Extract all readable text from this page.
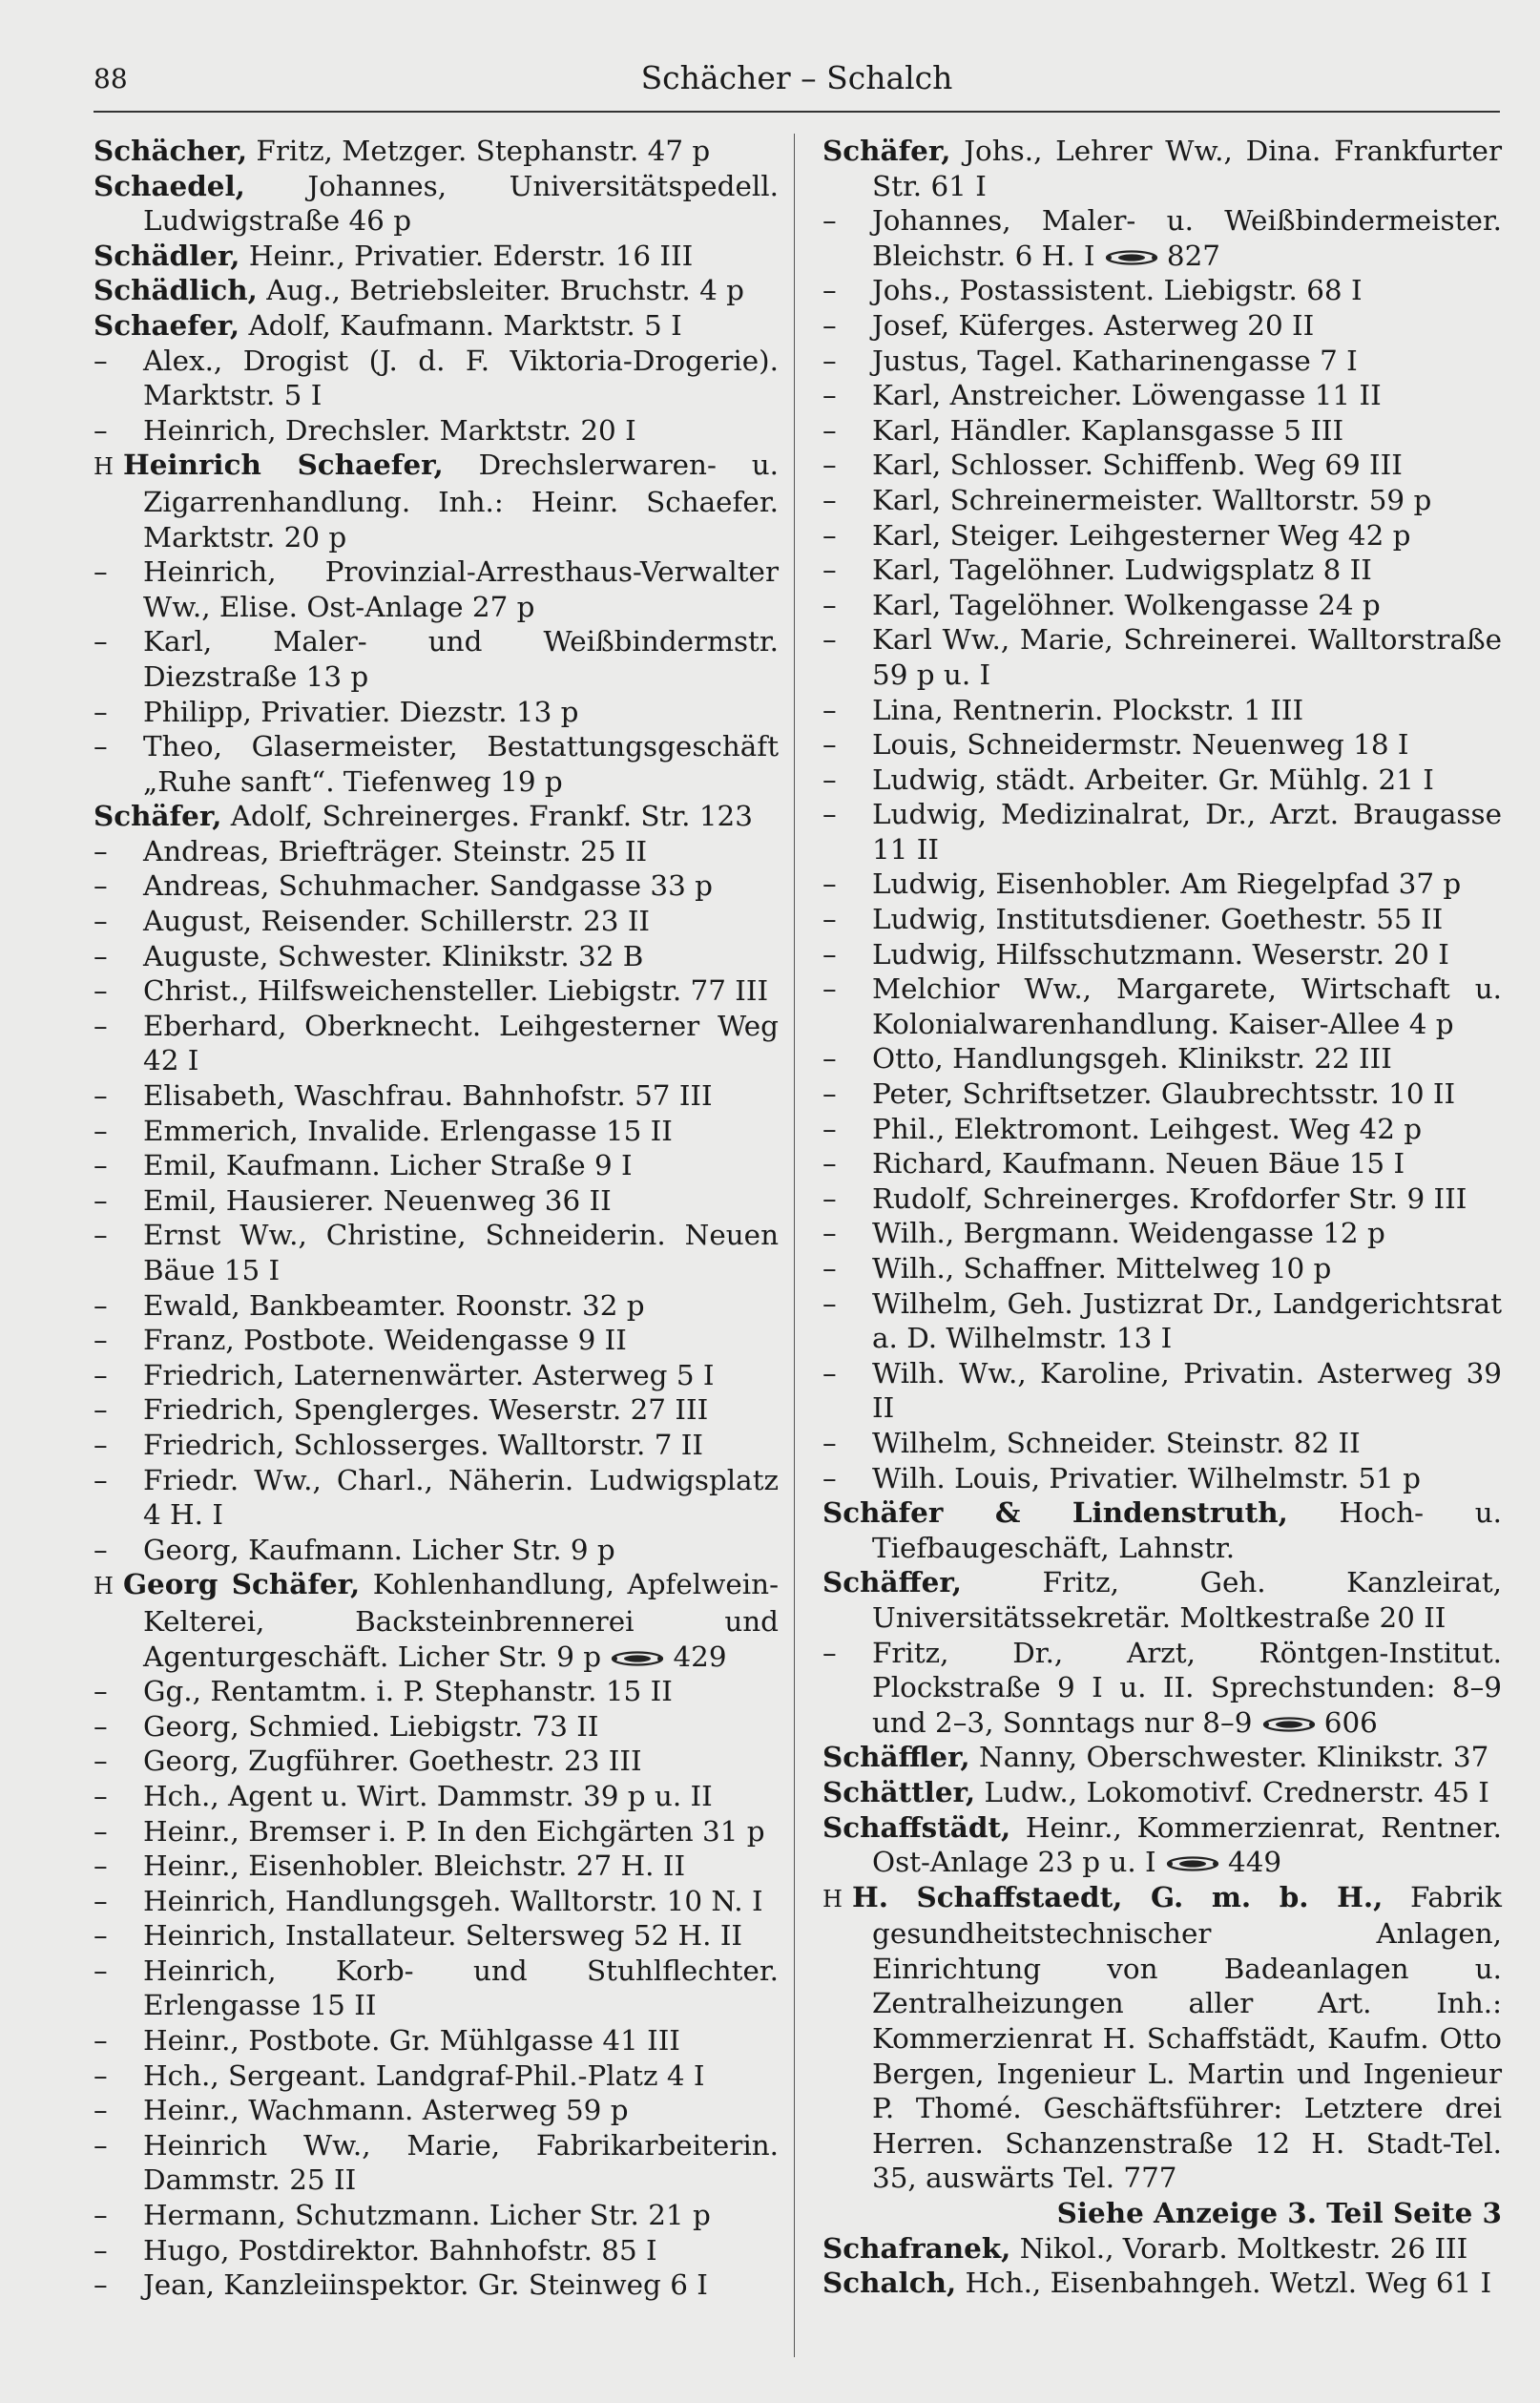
88	Schächer – Schalch
Schächer, Fritz, Metzger. Stephanstr. 47 p
Schaedel, Johannes, Universitätspedell. Ludwigstraße 46 p
Schädler, Heinr., Privatier. Ederstr. 16 III
Schädlich, Aug., Betriebsleiter. Bruchstr. 4 p
Schaefer, Adolf, Kaufmann. Marktstr. 5 I
– Alex., Drogist (J. d. F. Viktoria-Drogerie). Marktstr. 5 I
– Heinrich, Drechsler. Marktstr. 20 I
H Heinrich Schaefer, Drechslerwaren- u. Zigarrenhandlung. Inh.: Heinr. Schaefer. Marktstr. 20 p
– Heinrich, Provinzial-Arresthaus-Verwalter Ww., Elise. Ost-Anlage 27 p
– Karl, Maler- und Weißbindermstr. Diezstraße 13 p
– Philipp, Privatier. Diezstr. 13 p
– Theo, Glasermeister, Bestattungsgeschäft „Ruhe sanft“. Tiefenweg 19 p
Schäfer, Adolf, Schreinerges. Frankf. Str. 123
– Andreas, Briefträger. Steinstr. 25 II
– Andreas, Schuhmacher. Sandgasse 33 p
– August, Reisender. Schillerstr. 23 II
– Auguste, Schwester. Klinikstr. 32 B
– Christ., Hilfsweichensteller. Liebigstr. 77 III
– Eberhard, Oberknecht. Leihgesterner Weg 42 I
– Elisabeth, Waschfrau. Bahnhofstr. 57 III
– Emmerich, Invalide. Erlengasse 15 II
– Emil, Kaufmann. Licher Straße 9 I
– Emil, Hausierer. Neuenweg 36 II
– Ernst Ww., Christine, Schneiderin. Neuen Bäue 15 I
– Ewald, Bankbeamter. Roonstr. 32 p
– Franz, Postbote. Weidengasse 9 II
– Friedrich, Laternenwärter. Asterweg 5 I
– Friedrich, Spenglerges. Weserstr. 27 III
– Friedrich, Schlosserges. Walltorstr. 7 II
– Friedr. Ww., Charl., Näherin. Ludwigsplatz 4 H. I
– Georg, Kaufmann. Licher Str. 9 p
H Georg Schäfer, Kohlenhandlung, Apfelwein-Kelterei, Backsteinbrennerei und Agenturgeschäft. Licher Str. 9 p	429
– Gg., Rentamtm. i. P. Stephanstr. 15 II
– Georg, Schmied. Liebigstr. 73 II
– Georg, Zugführer. Goethestr. 23 III
– Hch., Agent u. Wirt. Dammstr. 39 p u. II
– Heinr., Bremser i. P. In den Eichgärten 31 p
– Heinr., Eisenhobler. Bleichstr. 27 H. II
– Heinrich, Handlungsgeh. Walltorstr. 10 N. I
– Heinrich, Installateur. Seltersweg 52 H. II
– Heinrich, Korb- und Stuhlflechter. Erlengasse 15 II
– Heinr., Postbote. Gr. Mühlgasse 41 III
– Hch., Sergeant. Landgraf-Phil.-Platz 4 I
– Heinr., Wachmann. Asterweg 59 p
– Heinrich Ww., Marie, Fabrikarbeiterin. Dammstr. 25 II
– Hermann, Schutzmann. Licher Str. 21 p
– Hugo, Postdirektor. Bahnhofstr. 85 I
– Jean, Kanzleiinspektor. Gr. Steinweg 6 I
Schäfer, Johs., Lehrer Ww., Dina. Frankfurter Str. 61 I
– Johannes, Maler- u. Weißbindermeister. Bleichstr. 6 H. I	827
– Johs., Postassistent. Liebigstr. 68 I
– Josef, Küferges. Asterweg 20 II
– Justus, Tagel. Katharinengasse 7 I
– Karl, Anstreicher. Löwengasse 11 II
– Karl, Händler. Kaplansgasse 5 III
– Karl, Schlosser. Schiffenb. Weg 69 III
– Karl, Schreinermeister. Walltorstr. 59 p
– Karl, Steiger. Leihgesterner Weg 42 p
– Karl, Tagelöhner. Ludwigsplatz 8 II
– Karl, Tagelöhner. Wolkengasse 24 p
– Karl Ww., Marie, Schreinerei. Walltorstraße 59 p u. I
– Lina, Rentnerin. Plockstr. 1 III
– Louis, Schneidermstr. Neuenweg 18 I
– Ludwig, städt. Arbeiter. Gr. Mühlg. 21 I
– Ludwig, Medizinalrat, Dr., Arzt. Braugasse 11 II
– Ludwig, Eisenhobler. Am Riegelpfad 37 p
– Ludwig, Institutsdiener. Goethestr. 55 II
– Ludwig, Hilfsschutzmann. Weserstr. 20 I
– Melchior Ww., Margarete, Wirtschaft u. Kolonialwarenhandlung. Kaiser-Allee 4 p
– Otto, Handlungsgeh. Klinikstr. 22 III
– Peter, Schriftsetzer. Glaubrechtsstr. 10 II
– Phil., Elektromont. Leihgest. Weg 42 p
– Richard, Kaufmann. Neuen Bäue 15 I
– Rudolf, Schreinerges. Krofdorfer Str. 9 III
– Wilh., Bergmann. Weidengasse 12 p
– Wilh., Schaffner. Mittelweg 10 p
– Wilhelm, Geh. Justizrat Dr., Landgerichtsrat a. D. Wilhelmstr. 13 I
– Wilh. Ww., Karoline, Privatin. Asterweg 39 II
– Wilhelm, Schneider. Steinstr. 82 II
– Wilh. Louis, Privatier. Wilhelmstr. 51 p
Schäfer & Lindenstruth, Hoch- u. Tiefbaugeschäft, Lahnstr.
Schäffer, Fritz, Geh. Kanzleirat, Universitätssekretär. Moltkestraße 20 II
– Fritz, Dr., Arzt, Röntgen-Institut. Plockstraße 9 I u. II. Sprechstunden: 8–9 und 2–3, Sonntags nur 8–9	606
Schäffler, Nanny, Oberschwester. Klinikstr. 37
Schättler, Ludw., Lokomotivf. Crednerstr. 45 I
Schaffstädt, Heinr., Kommerzienrat, Rentner. Ost-Anlage 23 p u. I	449
H H. Schaffstaedt, G. m. b. H., Fabrik gesundheitstechnischer Anlagen, Einrichtung von Badeanlagen u. Zentralheizungen aller Art. Inh.: Kommerzienrat H. Schaffstädt, Kaufm. Otto Bergen, Ingenieur L. Martin und Ingenieur P. Thomé. Geschäftsführer: Letztere drei Herren. Schanzenstraße 12 H. Stadt-Tel. 35, auswärts Tel. 777
Siehe Anzeige 3. Teil Seite 3
Schafranek, Nikol., Vorarb. Moltkestr. 26 III
Schalch, Hch., Eisenbahngeh. Wetzl. Weg 61 I
